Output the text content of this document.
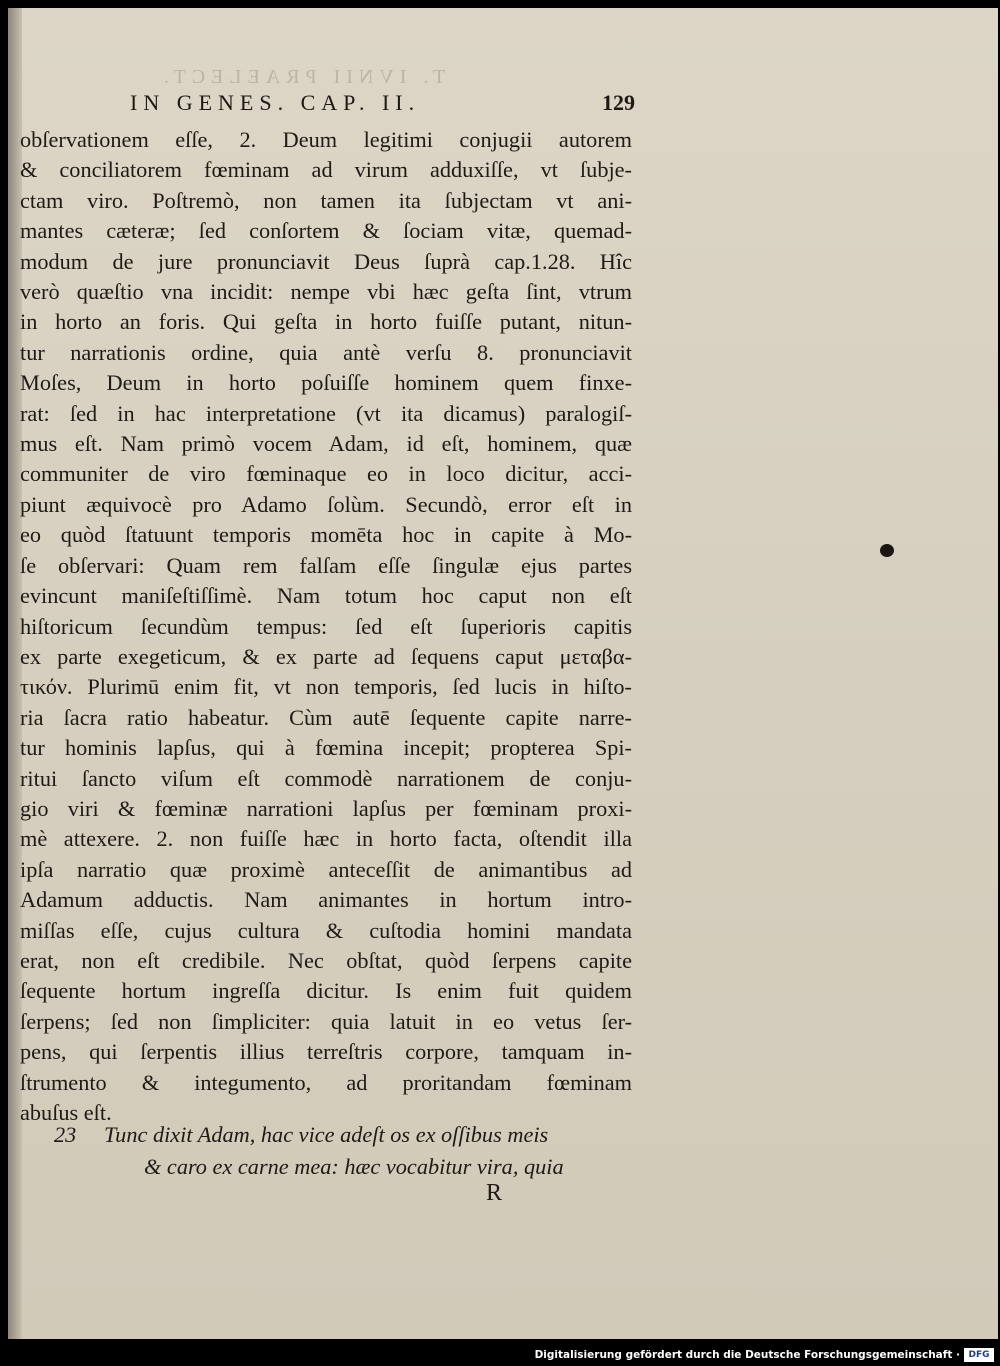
T. IVNII PRAELECT.
IN GENES. CAP. II.	129
obſervationem eſſe, 2. Deum legitimi conjugii autorem
& conciliatorem fœminam ad virum adduxiſſe, vt ſubje-
ctam viro. Poſtremò, non tamen ita ſubjectam vt ani-
mantes cæteræ; ſed conſortem & ſociam vitæ, quemad-
modum de jure pronunciavit Deus ſuprà cap.1.28. Hîc
verò quæſtio vna incidit: nempe vbi hæc geſta ſint, vtrum
in horto an foris. Qui geſta in horto fuiſſe putant, nitun-
tur narrationis ordine, quia antè verſu 8. pronunciavit
Moſes, Deum in horto poſuiſſe hominem quem finxe-
rat: ſed in hac interpretatione (vt ita dicamus) paralogiſ-
mus eſt. Nam primò vocem Adam, id eſt, hominem, quæ
communiter de viro fœminaque eo in loco dicitur, acci-
piunt æquivocè pro Adamo ſolùm. Secundò, error eſt in
eo quòd ſtatuunt temporis momēta hoc in capite à Mo-
ſe obſervari: Quam rem falſam eſſe ſingulæ ejus partes
evincunt maniſeſtiſſimè. Nam totum hoc caput non eſt
hiſtoricum ſecundùm tempus: ſed eſt ſuperioris capitis
ex parte exegeticum, & ex parte ad ſequens caput μεταβα-
τικόν. Plurimū enim fit, vt non temporis, ſed lucis in hiſto-
ria ſacra ratio habeatur. Cùm autē ſequente capite narre-
tur hominis lapſus, qui à fœmina incepit; propterea Spi-
ritui ſancto viſum eſt commodè narrationem de conju-
gio viri & fœminæ narrationi lapſus per fœminam proxi-
mè attexere. 2. non fuiſſe hæc in horto facta, oſtendit illa
ipſa narratio quæ proximè anteceſſit de animantibus ad
Adamum adductis. Nam animantes in hortum intro-
miſſas eſſe, cujus cultura & cuſtodia homini mandata
erat, non eſt credibile. Nec obſtat, quòd ſerpens capite
ſequente hortum ingreſſa dicitur. Is enim fuit quidem
ſerpens; ſed non ſimpliciter: quia latuit in eo vetus ſer-
pens, qui ſerpentis illius terreſtris corpore, tamquam in-
ſtrumento & integumento, ad proritandam fœminam
abuſus eſt.
23 Tunc dixit Adam, hac vice adeſt os ex oſſibus meis
& caro ex carne mea: hæc vocabitur vira, quia
R
Digitalisierung gefördert durch die Deutsche Forschungsgemeinschaft · DFG
